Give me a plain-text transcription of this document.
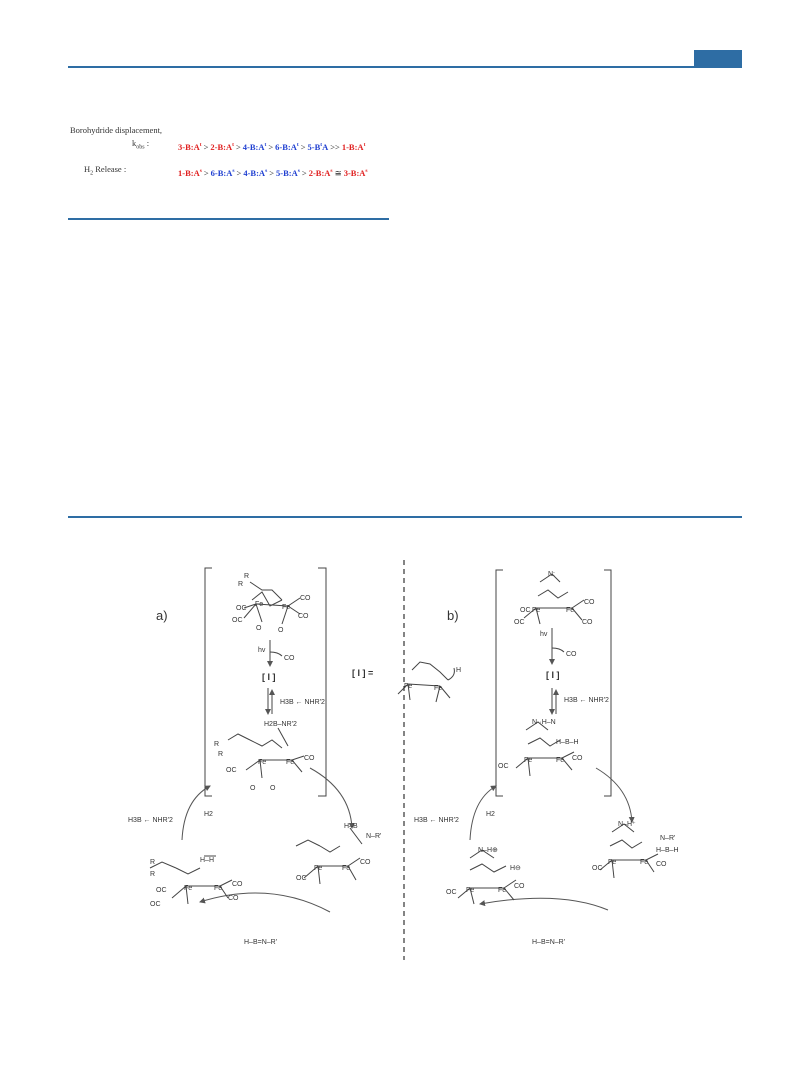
Borohydride displacement,
$k_{obs}$ :	$3-B:A^t$ > $2-B:A^t$ > $4-B:A^t$ > $6-B:A^t > 5-B^tA$ >> $1-B:A^t$
$H_2$ Release :	$1-B:A^s$ > $6-B:A^s$ > $4-B:A^s$ > $5-B:A^s$ > $2-B:A^s$ ≅ $3-B:A^s$
a)	b)
R
R
Fe	Fe
OC
CO
OC
CO
O O
hv
CO
[ I ]
H3B ← NHR'2
H2B–NR'2
R
R
Fe	Fe
OC
CO
O O
[ I ] =
Fe	Fe
H
H3B ← NHR'2
H2
H–H
R
R
Fe	Fe
OC
CO
OC
CO
H–B
N–R'
Fe	Fe
OC
CO
H–B=N–R'
N:
Fe	Fe
OC
CO
OC	CO
hv
CO
[ I ]
H3B ← NHR'2
N··H–N
H–B–H
Fe	Fe
OC
CO
H3B ← NHR'2
H2
N–H⊕
H⊖
Fe	Fe
OC
CO
N–H⁺
N–R'
H–B–H
Fe	Fe
OC
CO
H–B=N–R'
